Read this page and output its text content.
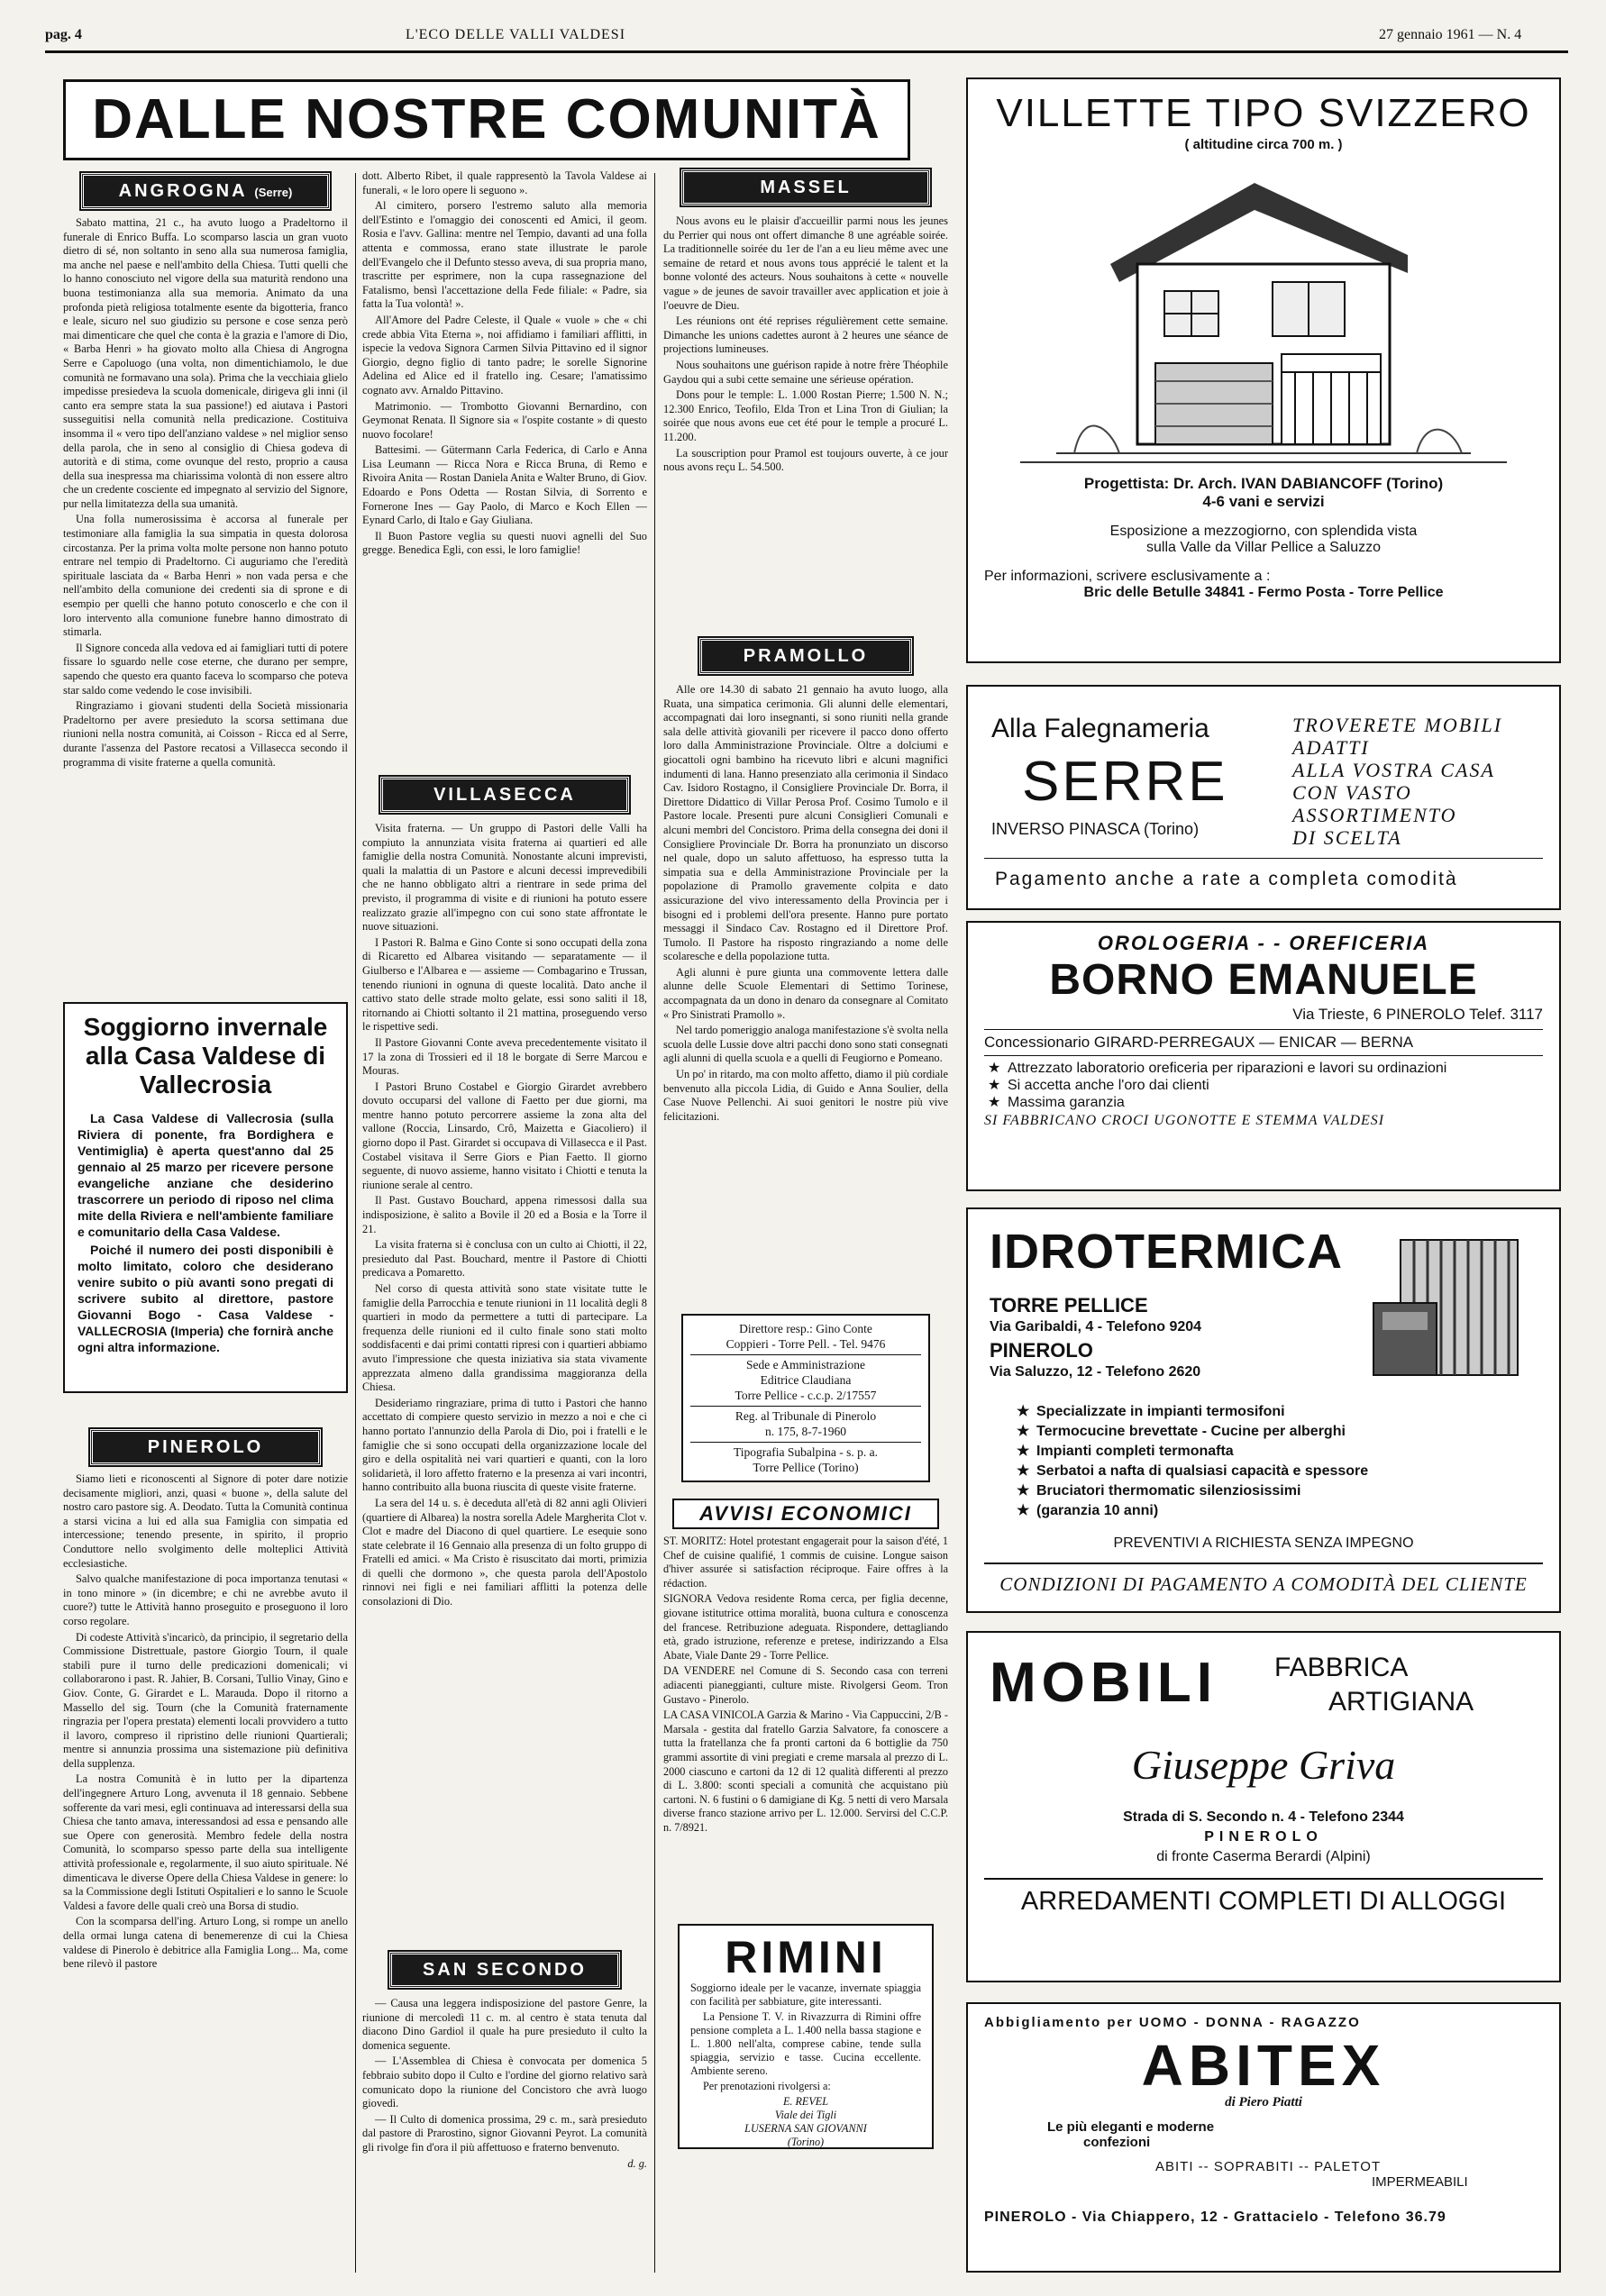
pag. 4	L'ECO DELLE VALLI VALDESI	27 gennaio 1961 — N. 4
DALLE NOSTRE COMUNITÀ
ANGROGNA (Serre)

Sabato mattina, 21 c., ha avuto luogo a Pradeltorno il funerale di Enrico Buffa. Lo scomparso lascia un gran vuoto dietro di sé, non soltanto in seno alla sua numerosa famiglia, ma anche nel paese e nell'ambito della Chiesa. Tutti quelli che lo hanno conosciuto nel vigore della sua maturità rendono una buona testimonianza alla sua memoria. Animato da una profonda pietà religiosa totalmente esente da bigotteria, franco e leale, sicuro nel suo giudizio su persone e cose senza però mai dimenticare che quel che conta è la grazia e l'amore di Dio, « Barba Henri » ha giovato molto alla Chiesa di Angrogna Serre e Capoluogo (una volta, non dimentichiamolo, le due comunità ne formavano una sola). Prima che la vecchiaia glielo impedisse presiedeva la scuola domenicale, dirigeva gli inni (il canto era sempre stata la sua passione!) ed aiutava i Pastori susseguitisi nella comunità nella predicazione. Costituiva insomma il « vero tipo dell'anziano valdese » nel miglior senso della parola, che in seno al consiglio di Chiesa godeva di autorità e di stima, come ovunque del resto, proprio a causa della sua inespressa ma chiarissima volontà di non essere altro che un credente cosciente ed impegnato al servizio del Signore, pur nella limitatezza della sua umanità.

Una folla numerosissima è accorsa al funerale per testimoniare alla famiglia la sua simpatia in questa dolorosa circostanza. Per la prima volta molte persone non hanno potuto entrare nel tempio di Pradeltorno. Ci auguriamo che l'eredità spirituale lasciata da « Barba Henri » non vada persa e che nell'ambito della comunione dei credenti sia di sprone e di esempio per quelli che hanno potuto conoscerlo e che con il loro intervento alla comunione funebre hanno dimostrato di stimarla.

Il Signore conceda alla vedova ed ai famigliari tutti di potere fissare lo sguardo nelle cose eterne, che durano per sempre, sapendo che questo era quanto faceva lo scomparso che poteva star saldo come vedendo le cose invisibili.

Ringraziamo i giovani studenti della Società missionaria Pradeltorno per avere presieduto la scorsa settimana due riunioni nella nostra comunità, ai Coisson - Ricca ed al Serre, durante l'assenza del Pastore recatosi a Villasecca secondo il programma di visite fraterne a quella comunità.

Soggiorno invernale alla Casa Valdese di Vallecrosia

La Casa Valdese di Vallecrosia (sulla Riviera di ponente, fra Bordighera e Ventimiglia) è aperta quest'anno dal 25 gennaio al 25 marzo per ricevere persone evangeliche anziane che desiderino trascorrere un periodo di riposo nel clima mite della Riviera e nell'ambiente familiare e comunitario della Casa Valdese.

Poiché il numero dei posti disponibili è molto limitato, coloro che desiderano venire subito o più avanti sono pregati di scrivere subito al direttore, pastore Giovanni Bogo - Casa Valdese - VALLECROSIA (Imperia) che fornirà anche ogni altra informazione.

PINEROLO

Siamo lieti e riconoscenti al Signore di poter dare notizie decisamente migliori, anzi, quasi « buone », della salute del nostro caro pastore sig. A. Deodato. Tutta la Comunità continua a starsi vicina a lui ed alla sua Famiglia con simpatia ed intercessione; tenendo presente, in spirito, il proprio Conduttore nello svolgimento delle molteplici Attività ecclesiastiche.

Salvo qualche manifestazione di poca importanza tenutasi « in tono minore » (in dicembre; e chi ne avrebbe avuto il cuore?) tutte le Attività hanno proseguito e proseguono il loro corso regolare.

Di codeste Attività s'incaricò, da principio, il segretario della Commissione Distrettuale, pastore Giorgio Tourn, il quale stabilì pure il turno delle predicazioni domenicali; vi collaborarono i past. R. Jahier, B. Corsani, Tullio Vinay, Gino e Giov. Conte, G. Girardet e L. Marauda. Dopo il ritorno a Massello del sig. Tourn (che la Comunità fraternamente ringrazia per l'opera prestata) elementi locali provvidero a tutto il lavoro, compreso il ripristino delle riunioni Quartierali; mentre si annunzia prossima una sistemazione più definitiva della supplenza.

La nostra Comunità è in lutto per la dipartenza dell'ingegnere Arturo Long, avvenuta il 18 gennaio. Sebbene sofferente da vari mesi, egli continuava ad interessarsi della sua Chiesa che tanto amava, interessandosi ad essa e pensando alle sue Opere con generosità. Membro fedele della nostra Comunità, lo scomparso spesso parte della sua intelligente attività professionale e, regolarmente, il suo aiuto spirituale. Né dimenticava le diverse Opere della Chiesa Valdese in genere: lo sa la Commissione degli Istituti Ospitalieri e lo sanno le Scuole Valdesi a favore delle quali creò una Borsa di studio.

Con la scomparsa dell'ing. Arturo Long, si rompe un anello della ormai lunga catena di benemerenze di cui la Chiesa valdese di Pinerolo è debitrice alla Famiglia Long... Ma, come bene rilevò il pastore

dott. Alberto Ribet, il quale rappresentò la Tavola Valdese ai funerali, « le loro opere li seguono ».

Al cimitero, porsero l'estremo saluto alla memoria dell'Estinto e l'omaggio dei conoscenti ed Amici, il geom. Rosia e l'avv. Gallina: mentre nel Tempio, davanti ad una folla attenta e commossa, erano state illustrate le parole dell'Evangelo che il Defunto stesso aveva, di sua propria mano, trascritte per esprimere, non la cupa rassegnazione del Fatalismo, bensì l'accettazione della Fede filiale: « Padre, sia fatta la Tua volontà! ».

All'Amore del Padre Celeste, il Quale « vuole » che « chi crede abbia Vita Eterna », noi affidiamo i familiari afflitti, in ispecie la vedova Signora Carmen Silvia Pittavino ed il signor Giorgio, degno figlio di tanto padre; le sorelle Signorine Adelina ed Alice ed il fratello ing. Cesare; l'amatissimo cognato avv. Arnaldo Pittavino.

Matrimonio. — Trombotto Giovanni Bernardino, con Geymonat Renata. Il Signore sia « l'ospite costante » di questo nuovo focolare!

Battesimi. — Gütermann Carla Federica, di Carlo e Anna Lisa Leumann — Ricca Nora e Ricca Bruna, di Remo e Rivoira Anita — Rostan Daniela Anita e Walter Bruno, di Giov. Edoardo e Pons Odetta — Rostan Silvia, di Sorrento e Fornerone Ines — Gay Paolo, di Marco e Koch Ellen — Eynard Carlo, di Italo e Gay Giuliana.

Il Buon Pastore veglia su questi nuovi agnelli del Suo gregge. Benedica Egli, con essi, le loro famiglie!

VILLASECCA

Visita fraterna. — Un gruppo di Pastori delle Valli ha compiuto la annunziata visita fraterna ai quartieri ed alle famiglie della nostra Comunità. Nonostante alcuni imprevisti, quali la malattia di un Pastore e alcuni decessi imprevedibili che ne hanno obbligato altri a rientrare in sede prima del previsto, il programma di visite e di riunioni ha potuto essere realizzato grazie all'impegno con cui sono state affrontate le nuove situazioni.

I Pastori R. Balma e Gino Conte si sono occupati della zona di Ricaretto ed Albarea visitando — separatamente — il Giulberso e l'Albarea e — assieme — Combagarino e Trussan, tenendo riunioni in ognuna di queste località. Dato anche il cattivo stato delle strade molto gelate, essi sono saliti il 18, ritornando ai Chiotti soltanto il 21 mattina, proseguendo verso le rispettive sedi.

Il Pastore Giovanni Conte aveva precedentemente visitato il 17 la zona di Trossieri ed il 18 le borgate di Serre Marcou e Mouras.

I Pastori Bruno Costabel e Giorgio Girardet avrebbero dovuto occuparsi del vallone di Faetto per due giorni, ma mentre hanno potuto percorrere assieme la zona alta del vallone (Roccia, Linsardo, Crô, Maizetta e Giacoliero) il giorno dopo il Past. Girardet si occupava di Villasecca e il Past. Costabel visitava il Serre Giors e Pian Faetto. Il giorno seguente, di nuovo assieme, hanno visitato i Chiotti e tenuta la riunione serale al centro.

Il Past. Gustavo Bouchard, appena rimessosi dalla sua indisposizione, è salito a Bovile il 20 ed a Bosia e la Torre il 21.

La visita fraterna si è conclusa con un culto ai Chiotti, il 22, presieduto dal Past. Bouchard, mentre il Pastore di Chiotti predicava a Pomaretto.

Nel corso di questa attività sono state visitate tutte le famiglie della Parrocchia e tenute riunioni in 11 località degli 8 quartieri in modo da permettere a tutti di partecipare. La frequenza delle riunioni ed il culto finale sono stati molto soddisfacenti e dai primi contatti ripresi con i quartieri abbiamo avuto l'impressione che questa iniziativa sia stata vivamente apprezzata almeno dalla grandissima maggioranza della Chiesa.

Desideriamo ringraziare, prima di tutto i Pastori che hanno accettato di compiere questo servizio in mezzo a noi e che ci hanno portato l'annunzio della Parola di Dio, poi i fratelli e le famiglie che si sono occupati della organizzazione locale del giro e della ospitalità nei vari quartieri e quanti, con la loro solidarietà, il loro affetto fraterno e la presenza ai vari incontri, hanno contribuito alla buona riuscita di queste visite fraterne.

La sera del 14 u. s. è deceduta all'età di 82 anni agli Olivieri (quartiere di Albarea) la nostra sorella Adele Margherita Clot v. Clot e madre del Diacono di quel quartiere. Le esequie sono state celebrate il 16 Gennaio alla presenza di un folto gruppo di Fratelli ed amici. « Ma Cristo è risuscitato dai morti, primizia di quelli che dormono », che questa parola dell'Apostolo rinnovi nei figli e nei familiari afflitti la potenza delle consolazioni di Dio.

SAN SECONDO

— Causa una leggera indisposizione del pastore Genre, la riunione di mercoledì 11 c. m. al centro è stata tenuta dal diacono Dino Gardiol il quale ha pure presieduto il culto la domenica seguente.

— L'Assemblea di Chiesa è convocata per domenica 5 febbraio subito dopo il Culto e l'ordine del giorno relativo sarà comunicato dopo la riunione del Concistoro che avrà luogo giovedì.

— Il Culto di domenica prossima, 29 c. m., sarà presieduto dal pastore di Prarostino, signor Giovanni Peyrot. La comunità gli rivolge fin d'ora il più affettuoso e fraterno benvenuto.

d. g.

MASSEL

Nous avons eu le plaisir d'accueillir parmi nous les jeunes du Perrier qui nous ont offert dimanche 8 une agréable soirée. La traditionnelle soirée du 1er de l'an a eu lieu même avec une semaine de retard et nous avons tous apprécié le talent et la bonne volonté des acteurs. Nous souhaitons à cette « nouvelle vague » de jeunes de savoir travailler avec application et joie à l'oeuvre de Dieu.

Les réunions ont été reprises régulièrement cette semaine. Dimanche les unions cadettes auront à 2 heures une séance de projections lumineuses.

Nous souhaitons une guérison rapide à notre frère Théophile Gaydou qui a subi cette semaine une sérieuse opération.

Dons pour le temple: L. 1.000 Rostan Pierre; 1.500 N. N.; 12.300 Enrico, Teofilo, Elda Tron et Lina Tron di Giulian; la soirée que nous avons eue cet été pour le temple a procuré L. 11.200.

La souscription pour Pramol est toujours ouverte, à ce jour nous avons reçu L. 54.500.

PRAMOLLO

Alle ore 14.30 di sabato 21 gennaio ha avuto luogo, alla Ruata, una simpatica cerimonia. Gli alunni delle elementari, accompagnati dai loro insegnanti, si sono riuniti nella grande sala delle attività giovanili per ricevere il pacco dono offerto loro dalla Amministrazione Provinciale. Oltre a dolciumi e giocattoli ogni bambino ha ricevuto libri e alcuni magnifici indumenti di lana. Hanno presenziato alla cerimonia il Sindaco Cav. Isidoro Rostagno, il Consigliere Provinciale Dr. Borra, il Direttore Didattico di Villar Perosa Prof. Cosimo Tumolo e il Pastore locale. Presenti pure alcuni Consiglieri Comunali e alcuni membri del Concistoro. Prima della consegna dei doni il Consigliere Provinciale Dr. Borra ha pronunziato un discorso nel quale, dopo un saluto affettuoso, ha espresso tutta la simpatia sua e della Amministrazione Provinciale per la popolazione di Pramollo gravemente colpita e dato assicurazione del vivo interessamento della Provincia per i bisogni ed i problemi dell'ora presente. Hanno pure portato messaggi il Sindaco Cav. Rostagno ed il Direttore Prof. Tumolo. Il Pastore ha risposto ringraziando a nome delle scolaresche e della popolazione tutta.

Agli alunni è pure giunta una commovente lettera dalle alunne delle Scuole Elementari di Settimo Torinese, accompagnata da un dono in denaro da consegnare al Comitato « Pro Sinistrati Pramollo ».

Nel tardo pomeriggio analoga manifestazione s'è svolta nella scuola delle Lussie dove altri pacchi dono sono stati consegnati agli alunni di quella scuola e a quelli di Feugiorno e Pomeano.

Un po' in ritardo, ma con molto affetto, diamo il più cordiale benvenuto alla piccola Lidia, di Guido e Anna Soulier, della Case Nuove Pellenchi. Ai suoi genitori le nostre più vive felicitazioni.

Direttore resp.: Gino Conte
Coppieri - Torre Pell. - Tel. 9476
Sede e Amministrazione
Editrice Claudiana
Torre Pellice - c.c.p. 2/17557
Reg. al Tribunale di Pinerolo
n. 175, 8-7-1960
Tipografia Subalpina - s. p. a.
Torre Pellice (Torino)
AVVISI ECONOMICI

ST. MORITZ: Hotel protestant engagerait pour la saison d'été, 1 Chef de cuisine qualifié, 1 commis de cuisine. Longue saison d'hiver assurée si satisfaction réciproque. Faire offres à la rédaction.

SIGNORA Vedova residente Roma cerca, per figlia decenne, giovane istitutrice ottima moralità, buona cultura e conoscenza del francese. Retribuzione adeguata. Rispondere, dettagliando età, grado istruzione, referenze e pretese, indirizzando a Elsa Abate, Viale Dante 29 - Torre Pellice.

DA VENDERE nel Comune di S. Secondo casa con terreni adiacenti pianeggianti, culture miste. Rivolgersi Geom. Tron Gustavo - Pinerolo.

LA CASA VINICOLA Garzia & Marino - Via Cappuccini, 2/B - Marsala - gestita dal fratello Garzia Salvatore, fa conoscere a tutta la fratellanza che fa pronti cartoni da 6 bottiglie da 750 grammi assortite di vini pregiati e creme marsala al prezzo di L. 2000 ciascuno e cartoni da 12 di 12 qualità differenti al prezzo di L. 3.800: sconti speciali a comunità che acquistano più cartoni. N. 6 fustini o 6 damigiane di Kg. 5 netti di vero Marsala diverse franco stazione arrivo per L. 12.000. Servirsi del C.C.P. n. 7/8921.

RIMINI

Soggiorno ideale per le vacanze, invernate spiaggia con facilità per sabbiature, gite interessanti.

La Pensione T. V. in Rivazzurra di Rimini offre pensione completa a L. 1.400 nella bassa stagione e L. 1.800 nell'alta, comprese cabine, tende sulla spiaggia, servizio e tasse. Cucina eccellente. Ambiente sereno.

Per prenotazioni rivolgersi a:

E. REVEL
Viale dei Tigli
LUSERNA SAN GIOVANNI
(Torino)
VILLETTE TIPO SVIZZERO
( altitudine circa 700 m. )
Progettista: Dr. Arch. IVAN DABIANCOFF (Torino)
4-6 vani e servizi
Esposizione a mezzogiorno, con splendida vista
sulla Valle da Villar Pellice a Saluzzo
Per informazioni, scrivere esclusivamente a :
Bric delle Betulle 34841 - Fermo Posta - Torre Pellice
Alla Falegnameria
SERRE
INVERSO PINASCA (Torino)
TROVERETE MOBILI
ADATTI
ALLA VOSTRA CASA
CON VASTO
ASSORTIMENTO
DI SCELTA
Pagamento anche a rate a completa comodità
OROLOGERIA - - OREFICERIA
BORNO EMANUELE
Via Trieste, 6 PINEROLO Telef. 3117
Concessionario GIRARD-PERREGAUX — ENICAR — BERNA
★ Attrezzato laboratorio oreficeria per riparazioni e lavori su ordinazioni
★ Si accetta anche l'oro dai clienti
★ Massima garanzia
SI FABBRICANO CROCI UGONOTTE E STEMMA VALDESI
IDROTERMICA
TORRE PELLICE
Via Garibaldi, 4 - Telefono 9204
PINEROLO
Via Saluzzo, 12 - Telefono 2620
★ Specializzate in impianti termosifoni
★ Termocucine brevettate - Cucine per alberghi
★ Impianti completi termonafta
★ Serbatoi a nafta di qualsiasi capacità e spessore
★ Bruciatori thermomatic silenziosissimi
★ (garanzia 10 anni)
PREVENTIVI A RICHIESTA SENZA IMPEGNO
CONDIZIONI DI PAGAMENTO A COMODITÀ DEL CLIENTE
MOBILI FABBRICA
ARTIGIANA
Giuseppe Griva
Strada di S. Secondo n. 4 - Telefono 2344
PINEROLO
di fronte Caserma Berardi (Alpini)
ARREDAMENTI COMPLETI DI ALLOGGI
Abbigliamento per UOMO - DONNA - RAGAZZO
ABITEX
di Piero Piatti
Le più eleganti e moderne
confezioni
ABITI -- SOPRABITI -- PALETOT
IMPERMEABILI
PINEROLO - Via Chiappero, 12 - Grattacielo - Telefono 36.79
